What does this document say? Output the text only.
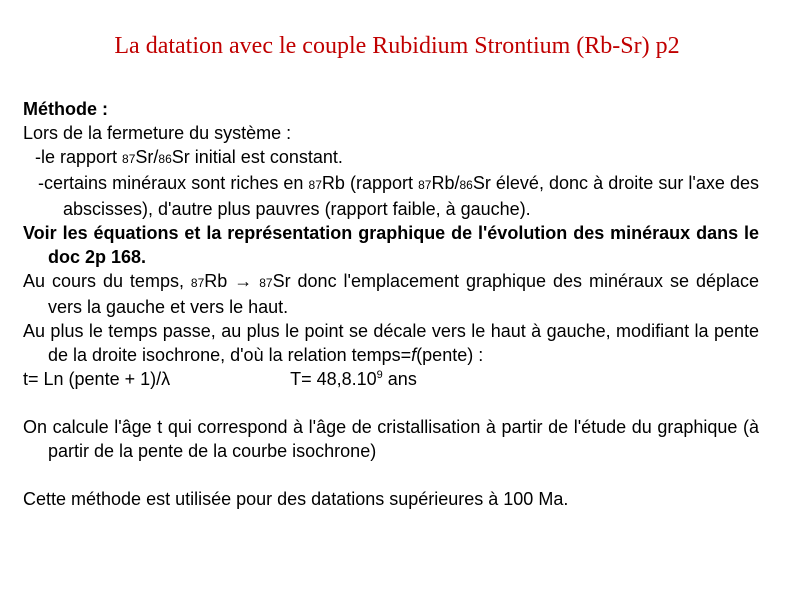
La datation avec le couple Rubidium Strontium (Rb-Sr) p2

Méthode :

Lors de la fermeture du système :

-le rapport 87Sr/86Sr initial est constant.

-certains minéraux sont riches en 87Rb (rapport 87Rb/86Sr élevé, donc à droite sur l'axe des abscisses), d'autre plus pauvres (rapport faible, à gauche).

Voir les équations et la représentation graphique de l'évolution des minéraux dans le doc 2p 168.

Au cours du temps, 87Rb → 87Sr donc l'emplacement graphique des minéraux se déplace vers la gauche et vers le haut.

Au plus le temps passe, au plus le point se décale vers le haut à gauche, modifiant la pente de la droite isochrone, d'où la relation temps=f(pente) :

t= Ln (pente + 1)/λ	$T= 48,8.10^9$ ans

On calcule l'âge t qui correspond à l'âge de cristallisation à partir de l'étude du graphique (à partir de la pente de la courbe isochrone)

Cette méthode est utilisée pour des datations supérieures à 100 Ma.
